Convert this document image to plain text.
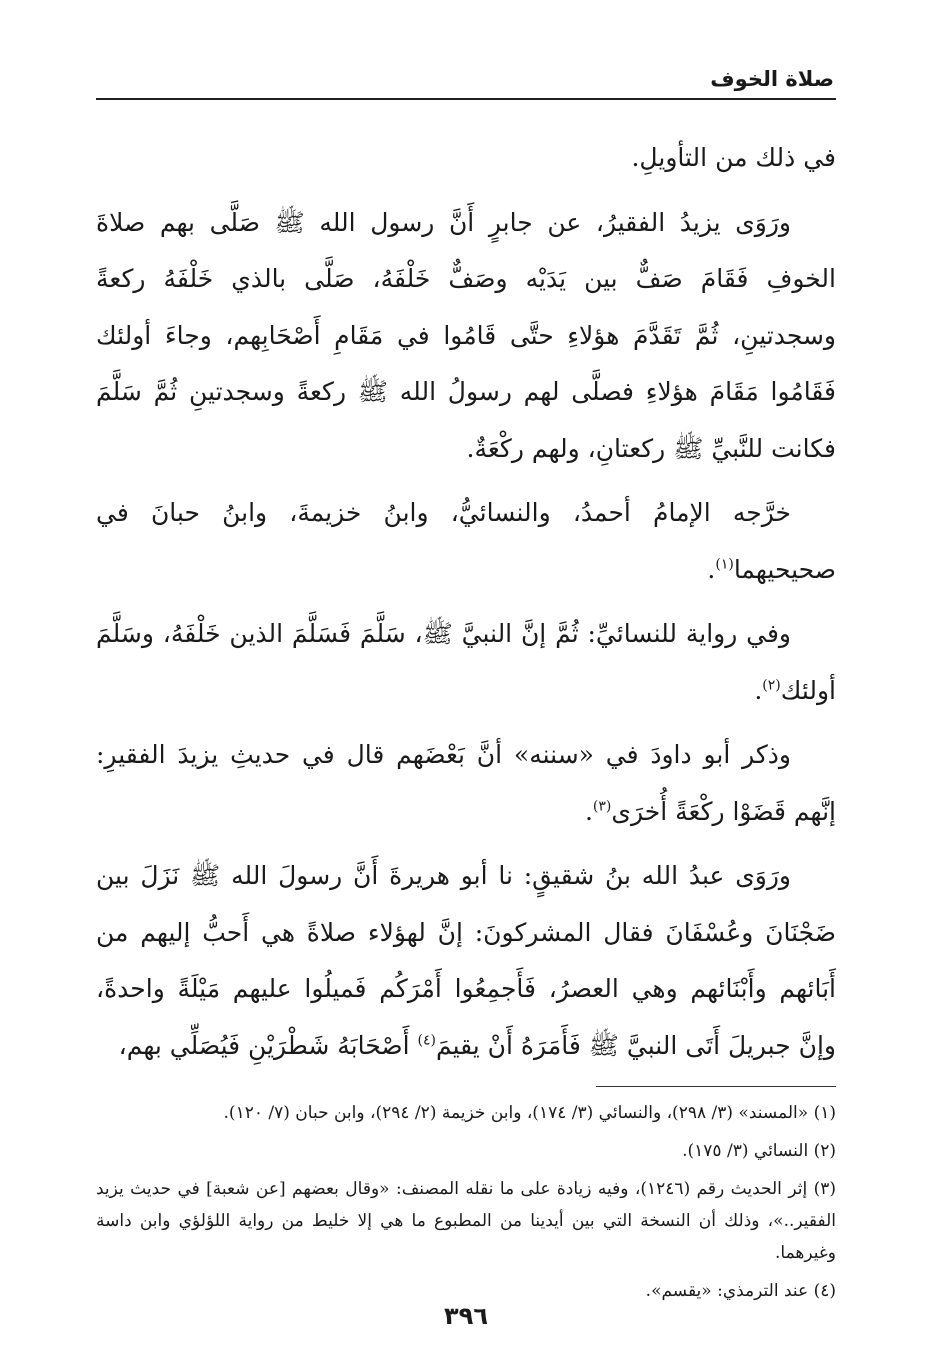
صلاة الخوف

في ذلك من التأويلِ.

ورَوَى يزيدُ الفقيرُ، عن جابرٍ أَنَّ رسول الله ﷺ صَلَّى بهم صلاةَ الخوفِ فَقَامَ صَفٌّ بين يَدَيْه وصَفٌّ خَلْفَهُ، صَلَّى بالذي خَلْفَهُ ركعةً وسجدتينِ، ثُمَّ تَقَدَّمَ هؤلاءِ حتَّى قَامُوا في مَقَامِ أَصْحَابِهم، وجاءَ أولئك فَقَامُوا مَقَامَ هؤلاءِ فصلَّى لهم رسولُ الله ﷺ ركعةً وسجدتينِ ثُمَّ سَلَّمَ فكانت للنَّبيِّ ﷺ ركعتانِ، ولهم ركْعَةٌ.

خرَّجه الإمامُ أحمدُ، والنسائيُّ، وابنُ خزيمةَ، وابنُ حبانَ في صحيحيهما$^{(١)}$.

وفي رواية للنسائيِّ: ثُمَّ إنَّ النبيَّ ﷺ، سَلَّمَ فَسَلَّمَ الذين خَلْفَهُ، وسَلَّمَ أولئك$^{(٢)}$.

وذكر أبو داودَ في «سننه» أنَّ بَعْضَهم قال في حديثِ يزيدَ الفقيرِ: إنَّهم قَضَوْا ركْعَةً أُخرَى$^{(٣)}$.

ورَوَى عبدُ الله بنُ شقيقٍ: نا أبو هريرةَ أَنَّ رسولَ الله ﷺ نَزَلَ بين ضَجْنَانَ وعُسْفَانَ فقال المشركونَ: إنَّ لهؤلاء صلاةً هي أَحبُّ إليهم من أَبَائهم وأَبْنَائهم وهي العصرُ، فَأَجمِعُوا أَمْرَكُم فَميلُوا عليهم مَيْلَةً واحدةً، وإنَّ جبريلَ أَتَى النبيَّ ﷺ فَأَمَرَهُ أَنْ يقيمَ$^{(٤)}$ أَصْحَابَهُ شَطْرَيْنِ فَيُصَلِّي بهم،

(١) «المسند» (٣/ ٢٩٨)، والنسائي (٣/ ١٧٤)، وابن خزيمة (٢/ ٢٩٤)، وابن حبان (٧/ ١٢٠).

(٢) النسائي (٣/ ١٧٥).

(٣) إثر الحديث رقم (١٢٤٦)، وفيه زيادة على ما نقله المصنف: «وقال بعضهم [عن شعبة] في حديث يزيد الفقير..»، وذلك أن النسخة التي بين أيدينا من المطبوع ما هي إلا خليط من رواية اللؤلؤي وابن داسة وغيرهما.

(٤) عند الترمذي: «يقسم».

٣٩٦
